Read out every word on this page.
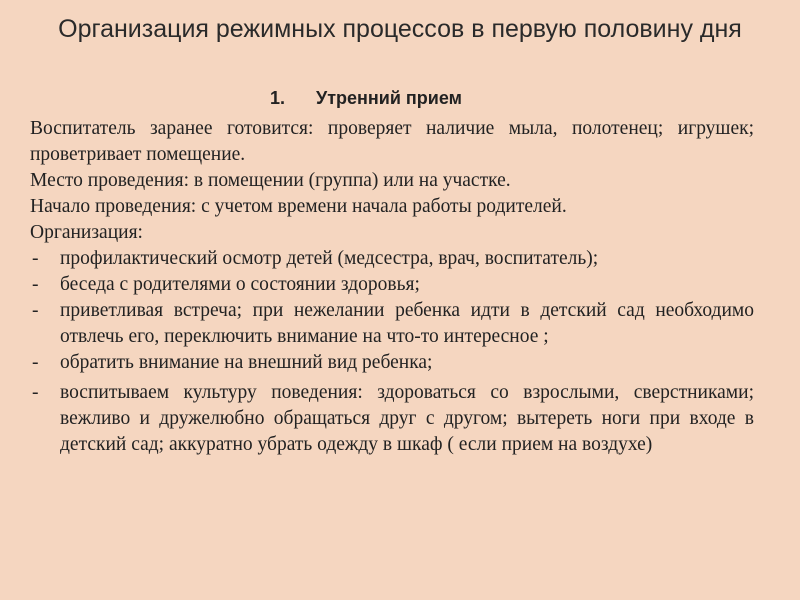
Организация режимных процессов в первую половину дня
1. Утренний прием

Воспитатель заранее готовится: проверяет наличие мыла, полотенец; игрушек; проветривает помещение.

Место проведения: в помещении (группа) или на участке.

Начало проведения: с учетом времени начала работы родителей.

Организация:

- профилактический осмотр детей (медсестра, врач, воспитатель);
- беседа с родителями о состоянии здоровья;
- приветливая встреча; при нежелании ребенка идти в детский сад необходимо отвлечь его, переключить внимание на что-то интересное ;
- обратить внимание на внешний вид ребенка;
- воспитываем культуру поведения: здороваться со взрослыми, сверстниками; вежливо и дружелюбно обращаться друг с другом; вытереть ноги при входе в детский сад; аккуратно убрать одежду в шкаф ( если прием на воздухе)
